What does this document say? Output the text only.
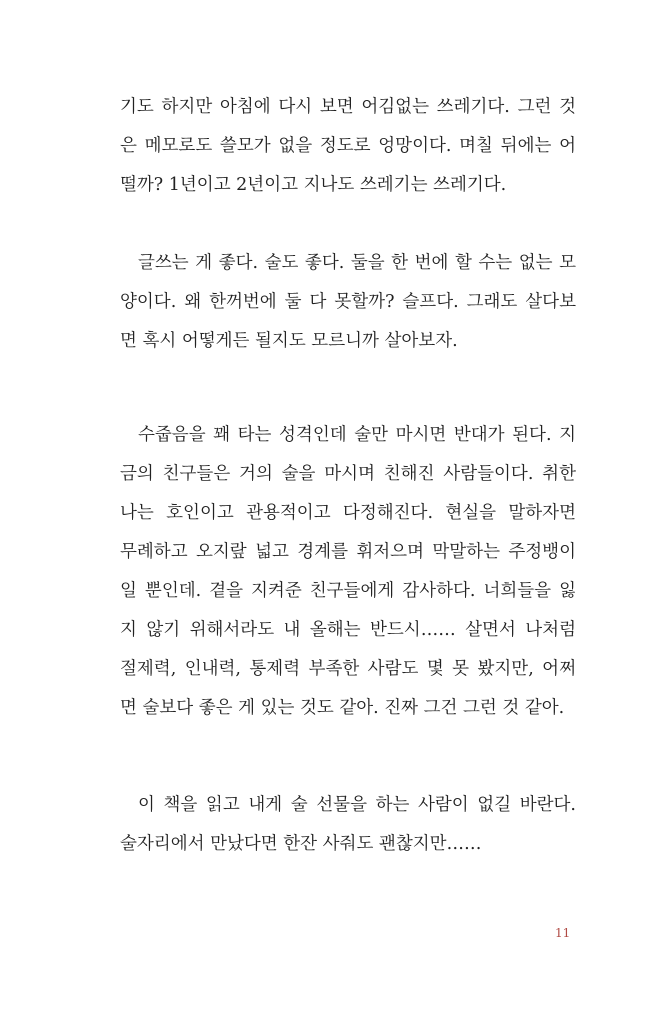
기도 하지만 아침에 다시 보면 어김없는 쓰레기다. 그런 것
은 메모로도 쓸모가 없을 정도로 엉망이다. 며칠 뒤에는 어
떨까? 1년이고 2년이고 지나도 쓰레기는 쓰레기다.
글쓰는 게 좋다. 술도 좋다. 둘을 한 번에 할 수는 없는 모
양이다. 왜 한꺼번에 둘 다 못할까? 슬프다. 그래도 살다보
면 혹시 어떻게든 될지도 모르니까 살아보자.
수줍음을 꽤 타는 성격인데 술만 마시면 반대가 된다. 지
금의 친구들은 거의 술을 마시며 친해진 사람들이다. 취한
나는 호인이고 관용적이고 다정해진다. 현실을 말하자면
무례하고 오지랖 넓고 경계를 휘저으며 막말하는 주정뱅이
일 뿐인데. 곁을 지켜준 친구들에게 감사하다. 너희들을 잃
지 않기 위해서라도 내 올해는 반드시…… 살면서 나처럼
절제력, 인내력, 통제력 부족한 사람도 몇 못 봤지만, 어쩌
면 술보다 좋은 게 있는 것도 같아. 진짜 그건 그런 것 같아.
이 책을 읽고 내게 술 선물을 하는 사람이 없길 바란다.
술자리에서 만났다면 한잔 사줘도 괜찮지만……
11
